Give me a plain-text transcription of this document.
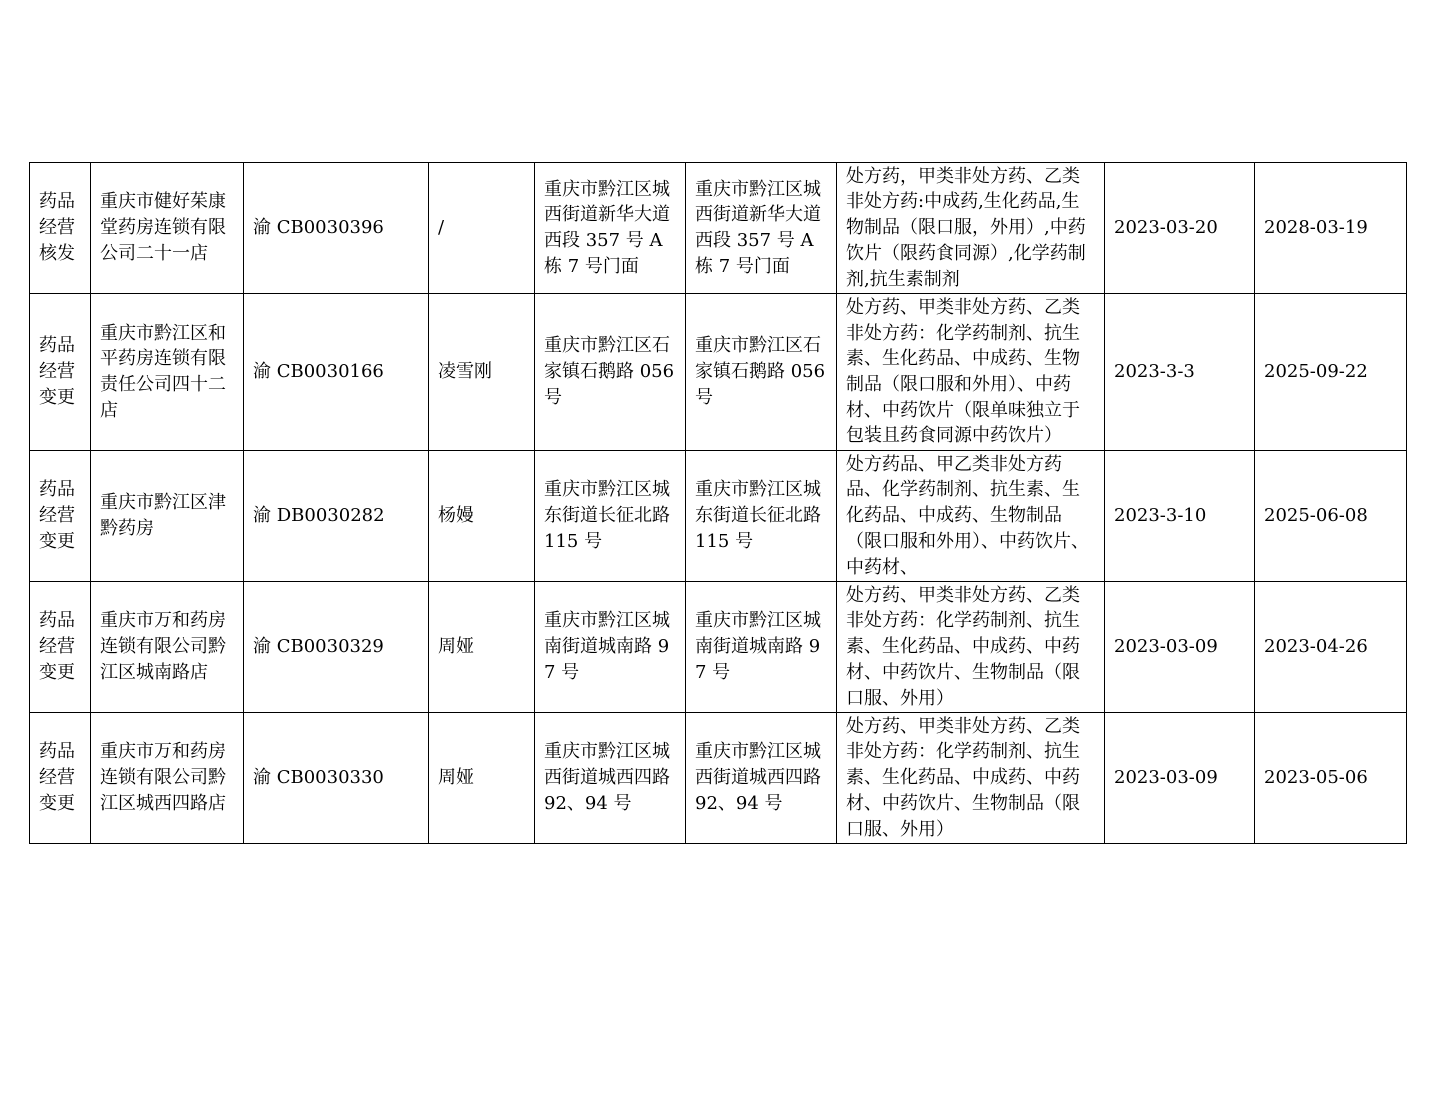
药品经营核发	重庆市健好茱康堂药房连锁有限公司二十一店	渝 CB0030396	/	重庆市黔江区城西街道新华大道西段 357 号 A 栋 7 号门面	重庆市黔江区城西街道新华大道西段 357 号 A 栋 7 号门面	处方药，甲类非处方药、乙类非处方药:中成药,生化药品,生物制品（限口服，外用）,中药饮片（限药食同源）,化学药制剂,抗生素制剂	2023-03-20	2028-03-19
药品经营变更	重庆市黔江区和平药房连锁有限责任公司四十二店	渝 CB0030166	凌雪刚	重庆市黔江区石家镇石鹅路 056 号	重庆市黔江区石家镇石鹅路 056 号	处方药、甲类非处方药、乙类非处方药：化学药制剂、抗生素、生化药品、中成药、生物制品（限口服和外用）、中药材、中药饮片（限单味独立于包装且药食同源中药饮片）	2023-3-3	2025-09-22
药品经营变更	重庆市黔江区津黔药房	渝 DB0030282	杨嫚	重庆市黔江区城东街道长征北路 115 号	重庆市黔江区城东街道长征北路 115 号	处方药品、甲乙类非处方药品、化学药制剂、抗生素、生化药品、中成药、生物制品（限口服和外用）、中药饮片、中药材、	2023-3-10	2025-06-08
药品经营变更	重庆市万和药房连锁有限公司黔江区城南路店	渝 CB0030329	周娅	重庆市黔江区城南街道城南路 97 号	重庆市黔江区城南街道城南路 97 号	处方药、甲类非处方药、乙类非处方药：化学药制剂、抗生素、生化药品、中成药、中药材、中药饮片、生物制品（限口服、外用）	2023-03-09	2023-04-26
药品经营变更	重庆市万和药房连锁有限公司黔江区城西四路店	渝 CB0030330	周娅	重庆市黔江区城西街道城西四路 92、94 号	重庆市黔江区城西街道城西四路 92、94 号	处方药、甲类非处方药、乙类非处方药：化学药制剂、抗生素、生化药品、中成药、中药材、中药饮片、生物制品（限口服、外用）	2023-03-09	2023-05-06
